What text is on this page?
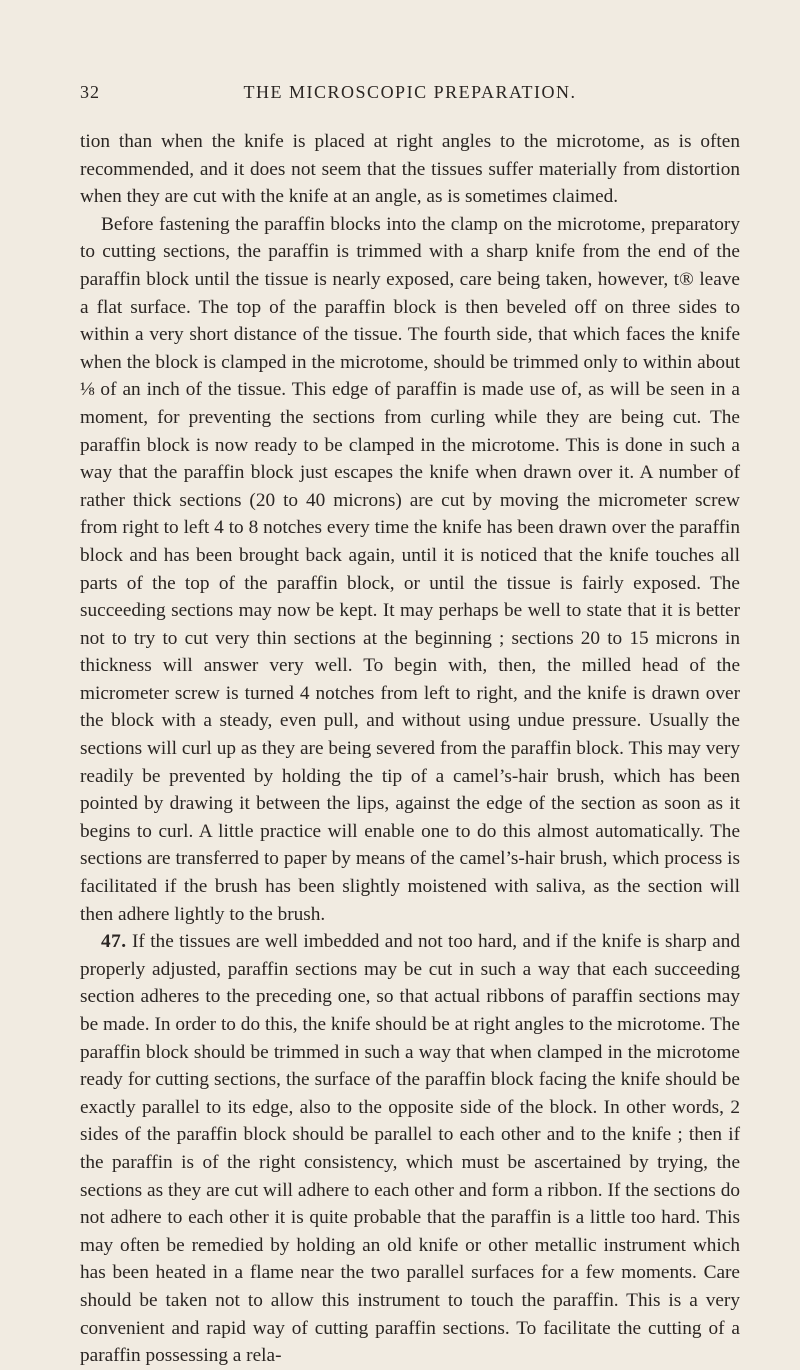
32	THE MICROSCOPIC PREPARATION.

tion than when the knife is placed at right angles to the microtome, as is often recommended, and it does not seem that the tissues suffer materially from distortion when they are cut with the knife at an angle, as is sometimes claimed.

Before fastening the paraffin blocks into the clamp on the microtome, preparatory to cutting sections, the paraffin is trimmed with a sharp knife from the end of the paraffin block until the tissue is nearly exposed, care being taken, however, t® leave a flat surface. The top of the paraffin block is then beveled off on three sides to within a very short distance of the tissue. The fourth side, that which faces the knife when the block is clamped in the microtome, should be trimmed only to within about ⅛ of an inch of the tissue. This edge of paraffin is made use of, as will be seen in a moment, for preventing the sections from curling while they are being cut. The paraffin block is now ready to be clamped in the microtome. This is done in such a way that the paraffin block just escapes the knife when drawn over it. A number of rather thick sections (20 to 40 microns) are cut by moving the micrometer screw from right to left 4 to 8 notches every time the knife has been drawn over the paraffin block and has been brought back again, until it is noticed that the knife touches all parts of the top of the paraffin block, or until the tissue is fairly exposed. The succeeding sections may now be kept. It may perhaps be well to state that it is better not to try to cut very thin sections at the beginning ; sections 20 to 15 microns in thickness will answer very well. To begin with, then, the milled head of the micrometer screw is turned 4 notches from left to right, and the knife is drawn over the block with a steady, even pull, and without using undue pressure. Usually the sections will curl up as they are being severed from the paraffin block. This may very readily be prevented by holding the tip of a camel’s-hair brush, which has been pointed by drawing it between the lips, against the edge of the section as soon as it begins to curl. A little practice will enable one to do this almost automatically. The sections are transferred to paper by means of the camel’s-hair brush, which process is facilitated if the brush has been slightly moistened with saliva, as the section will then adhere lightly to the brush.

47. If the tissues are well imbedded and not too hard, and if the knife is sharp and properly adjusted, paraffin sections may be cut in such a way that each succeeding section adheres to the preceding one, so that actual ribbons of paraffin sections may be made. In order to do this, the knife should be at right angles to the microtome. The paraffin block should be trimmed in such a way that when clamped in the microtome ready for cutting sections, the surface of the paraffin block facing the knife should be exactly parallel to its edge, also to the opposite side of the block. In other words, 2 sides of the paraffin block should be parallel to each other and to the knife ; then if the paraffin is of the right consistency, which must be ascertained by trying, the sections as they are cut will adhere to each other and form a ribbon. If the sections do not adhere to each other it is quite probable that the paraffin is a little too hard. This may often be remedied by holding an old knife or other metallic instrument which has been heated in a flame near the two parallel surfaces for a few moments. Care should be taken not to allow this instrument to touch the paraffin. This is a very convenient and rapid way of cutting paraffin sections. To facilitate the cutting of a paraffin possessing a rela-
